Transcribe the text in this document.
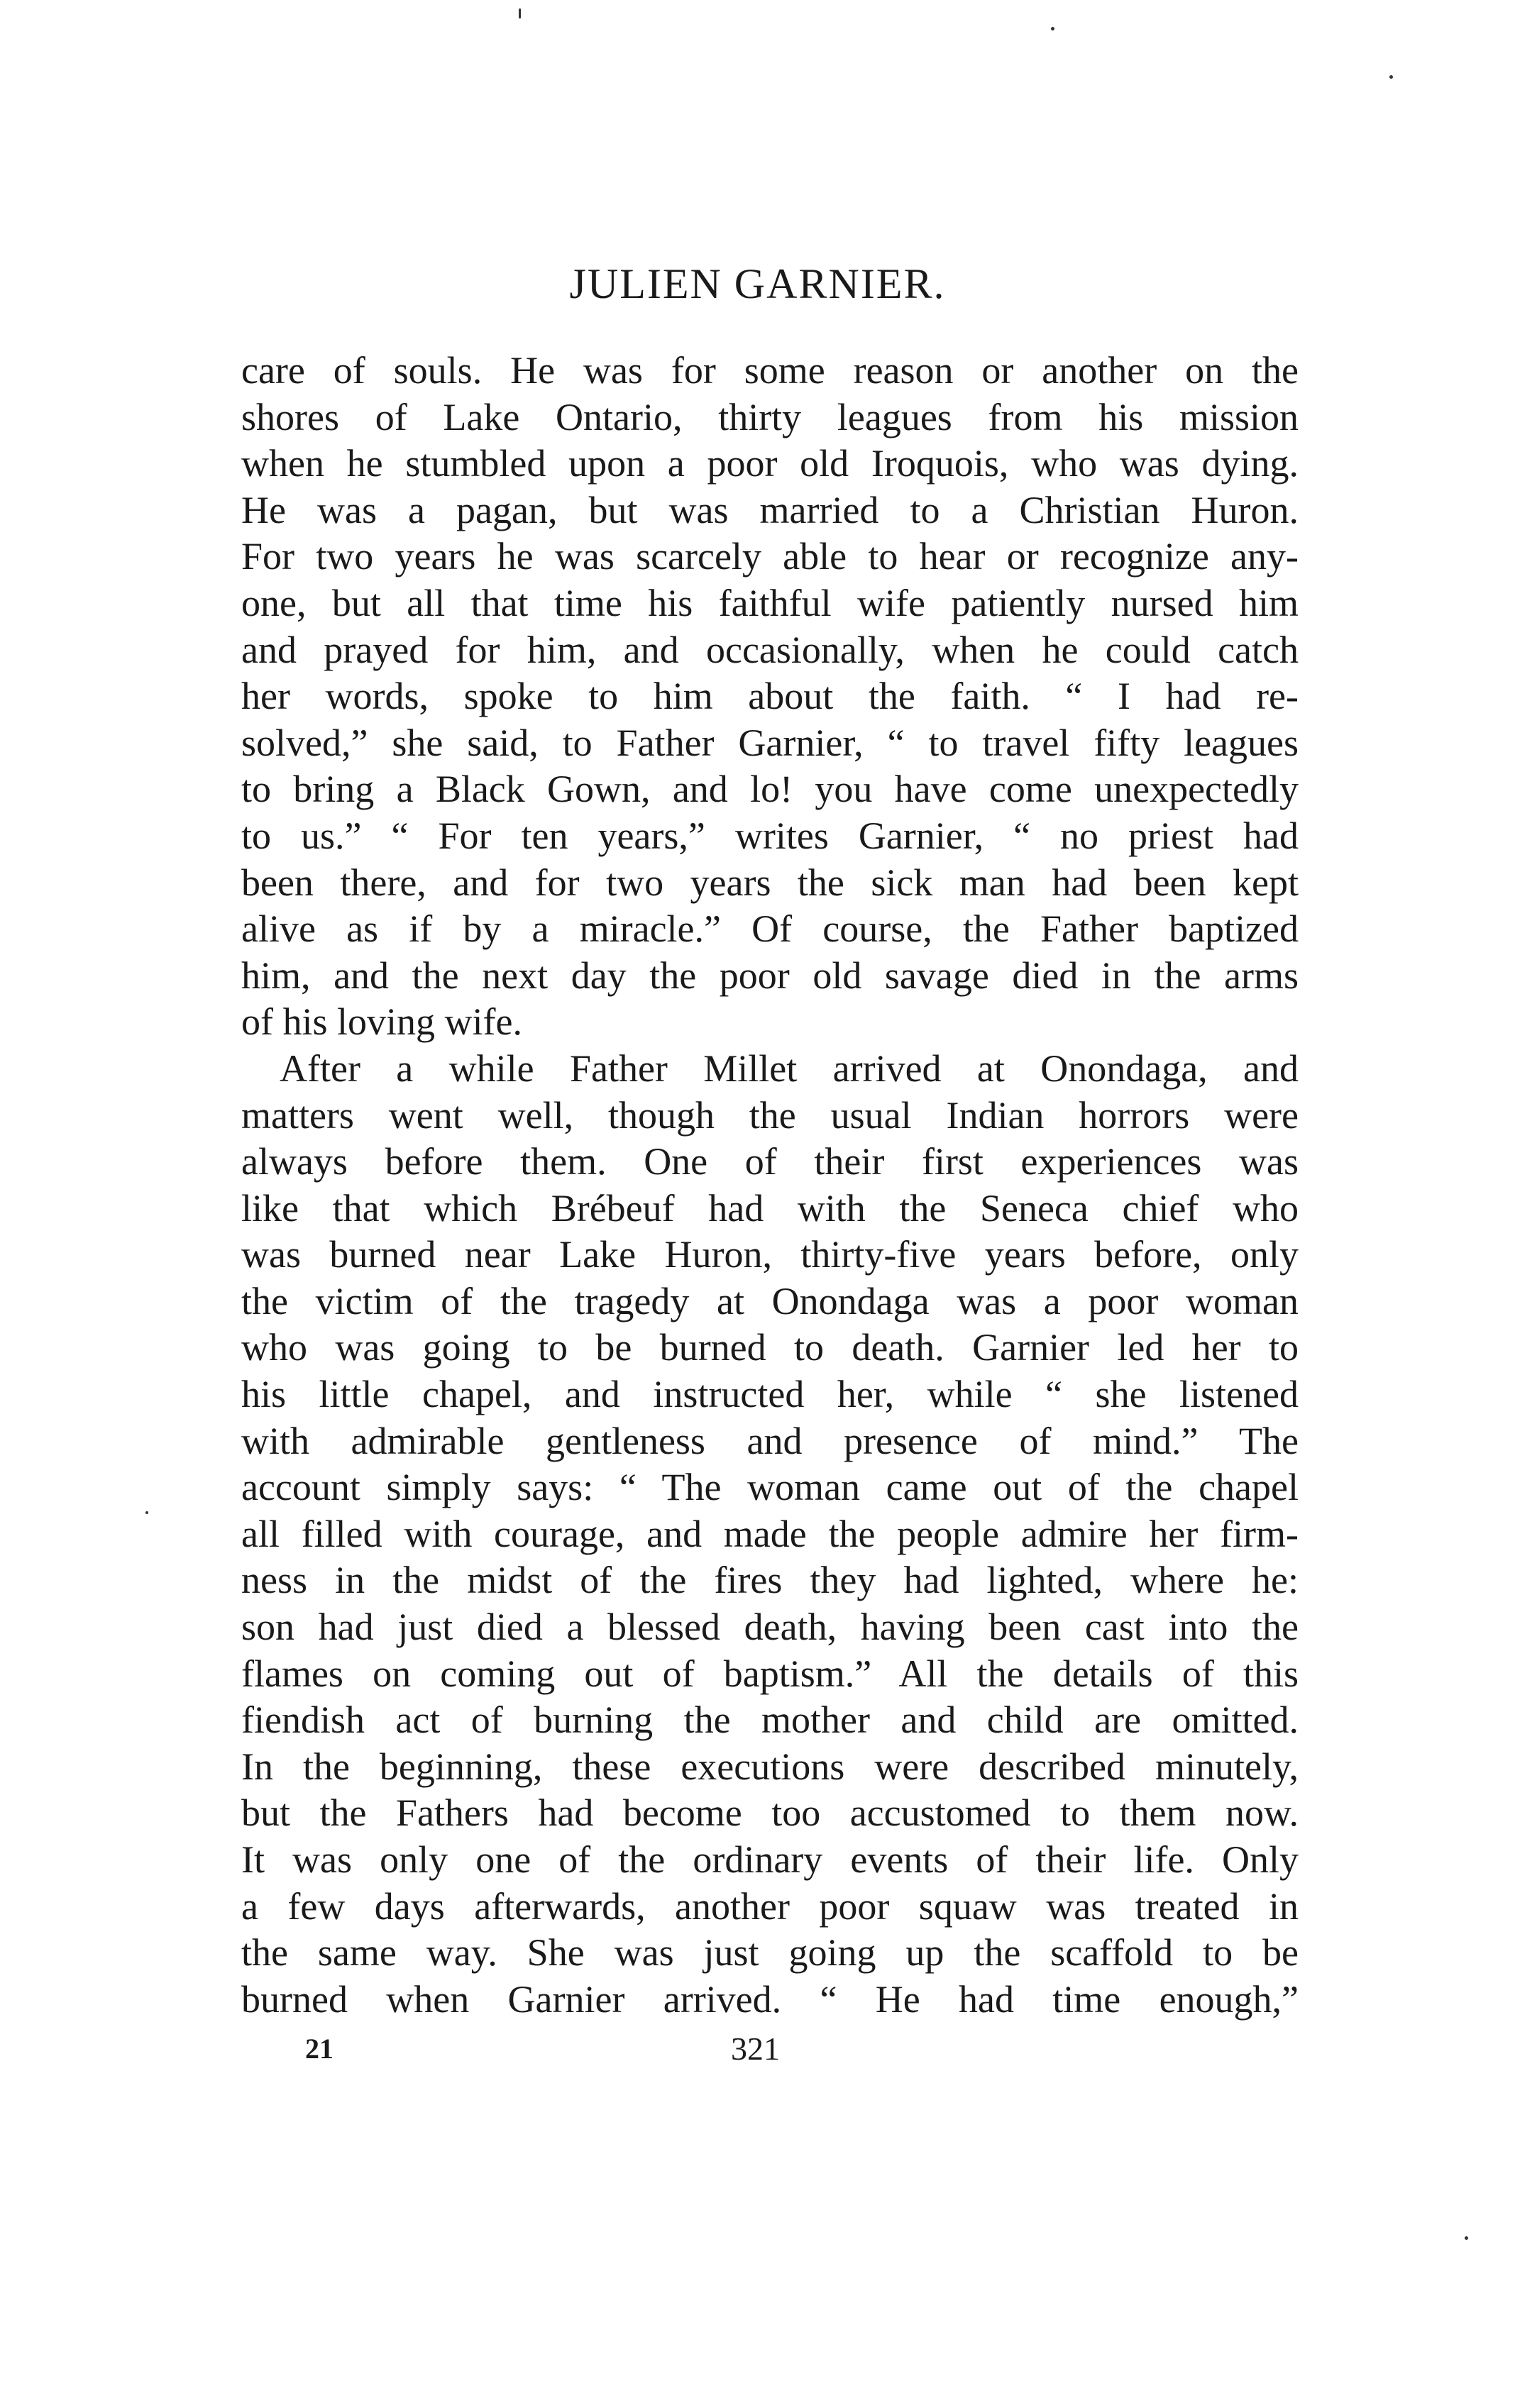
JULIEN GARNIER.
care of souls. He was for some reason or another on the
shores of Lake Ontario, thirty leagues from his mission
when he stumbled upon a poor old Iroquois, who was dying.
He was a pagan, but was married to a Christian Huron.
For two years he was scarcely able to hear or recognize any-
one, but all that time his faithful wife patiently nursed him
and prayed for him, and occasionally, when he could catch
her words, spoke to him about the faith. “ I had re-
solved,” she said, to Father Garnier, “ to travel fifty leagues
to bring a Black Gown, and lo! you have come unexpectedly
to us.” “ For ten years,” writes Garnier, “ no priest had
been there, and for two years the sick man had been kept
alive as if by a miracle.” Of course, the Father baptized
him, and the next day the poor old savage died in the arms
of his loving wife.
After a while Father Millet arrived at Onondaga, and
matters went well, though the usual Indian horrors were
always before them. One of their first experiences was
like that which Brébeuf had with the Seneca chief who
was burned near Lake Huron, thirty-five years before, only
the victim of the tragedy at Onondaga was a poor woman
who was going to be burned to death. Garnier led her to
his little chapel, and instructed her, while “ she listened
with admirable gentleness and presence of mind.” The
account simply says: “ The woman came out of the chapel
all filled with courage, and made the people admire her firm-
ness in the midst of the fires they had lighted, where he:
son had just died a blessed death, having been cast into the
flames on coming out of baptism.” All the details of this
fiendish act of burning the mother and child are omitted.
In the beginning, these executions were described minutely,
but the Fathers had become too accustomed to them now.
It was only one of the ordinary events of their life. Only
a few days afterwards, another poor squaw was treated in
the same way. She was just going up the scaffold to be
burned when Garnier arrived. “ He had time enough,”
21	321
